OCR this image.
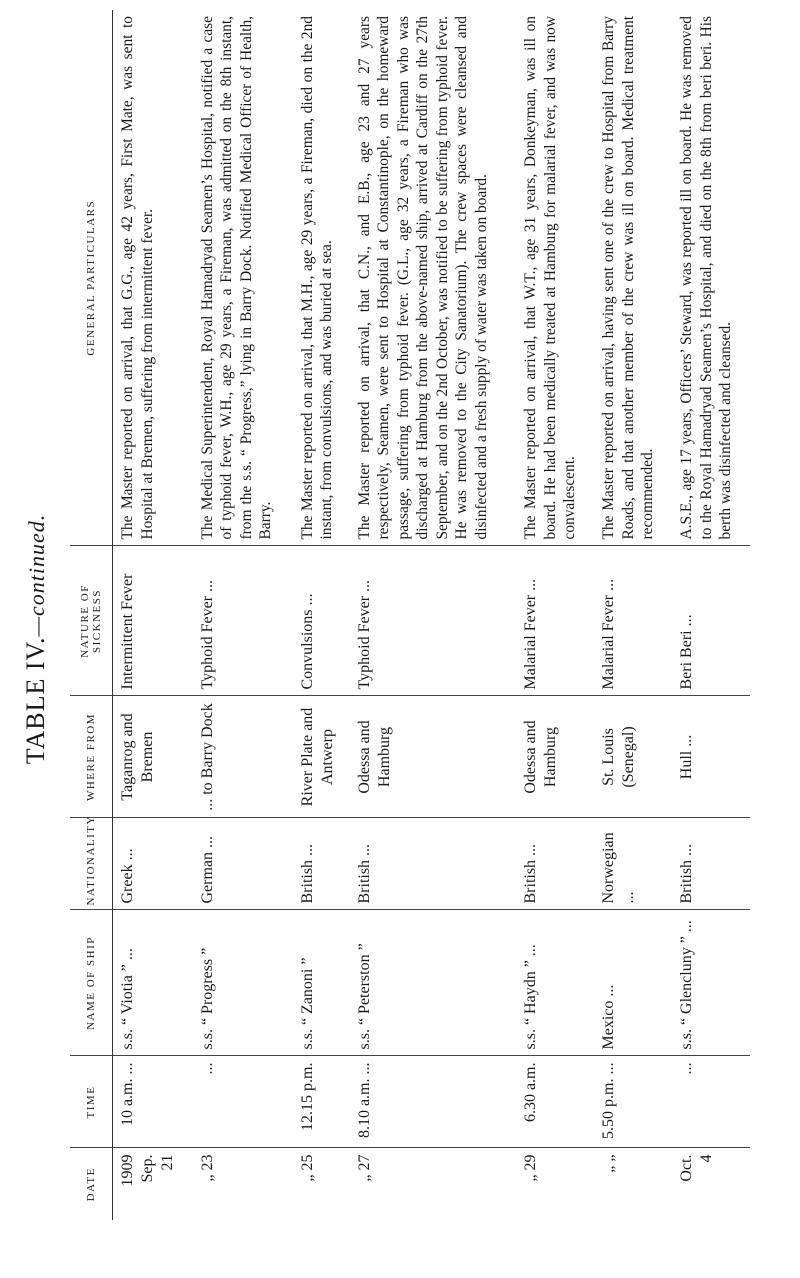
TABLE IV.—continued.
DATE	TIME	NAME OF SHIP	NATIONALITY	WHERE FROM	NATURE OF SICKNESS	GENERAL PARTICULARS
1909 Sep. 21	10 a.m. ...	s.s. “ Viotia ” ...	Greek ...	Taganrog and Bremen	Intermittent Fever	The Master reported on arrival, that G.G., age 42 years, First Mate, was sent to Hospital at Bremen, suffering from intermittent fever.
„ 23	...	s.s. “ Progress ”	German ...	... to Barry Dock	Typhoid Fever ...	The Medical Superintendent, Royal Hamadryad Seamen’s Hospital, notified a case of typhoid fever, W.H., age 29 years, a Fireman, was admitted on the 8th instant, from the s.s. “ Progress,” lying in Barry Dock. Notified Medical Officer of Health, Barry.
„ 25	12.15 p.m.	s.s. “ Zanoni ”	British ...	River Plate and Antwerp	Convulsions ...	The Master reported on arrival, that M.H., age 29 years, a Fireman, died on the 2nd instant, from convulsions, and was buried at sea.
„ 27	8.10 a.m. ...	s.s. “ Peterston ”	British ...	Odessa and Hamburg	Typhoid Fever ...	The Master reported on arrival, that C.N., and E.B., age 23 and 27 years respectively, Seamen, were sent to Hospital at Constantinople, on the homeward passage, suffering from typhoid fever. (G.L., age 32 years, a Fireman who was discharged at Hamburg from the above-named ship, arrived at Cardiff on the 27th September, and on the 2nd October, was notified to be suffering from typhoid fever. He was removed to the City Sanatorium). The crew spaces were cleansed and disinfected and a fresh supply of water was taken on board.
„ 29	6.30 a.m.	s.s. “ Haydn ” ...	British ...	Odessa and Hamburg	Malarial Fever ...	The Master reported on arrival, that W.T., age 31 years, Donkeyman, was ill on board. He had been medically treated at Hamburg for malarial fever, and was now convalescent.
„ „	5.50 p.m. ...	Mexico ...	Norwegian ...	St. Louis (Senegal)	Malarial Fever ...	The Master reported on arrival, having sent one of the crew to Hospital from Barry Roads, and that another member of the crew was ill on board. Medical treatment recommended.
Oct. 4	...	s.s. “ Glencluny ” ...	British ...	Hull ...	Beri Beri ...	A.S.E., age 17 years, Officers’ Steward, was reported ill on board. He was removed to the Royal Hamadryad Seamen’s Hospital, and died on the 8th from beri beri. His berth was disinfected and cleansed.
